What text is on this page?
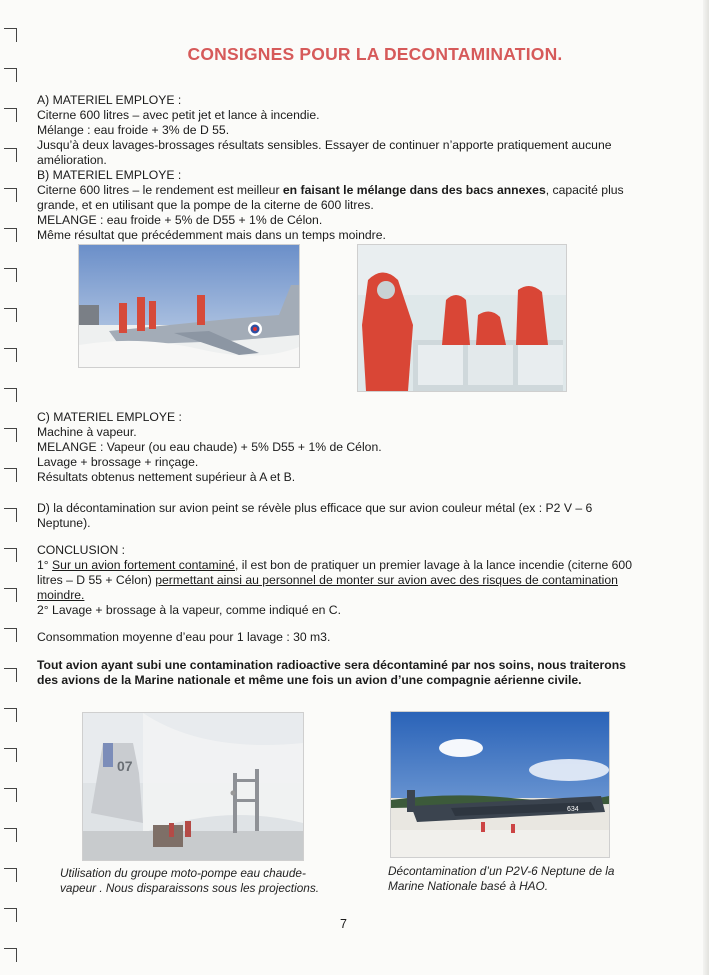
CONSIGNES POUR LA DECONTAMINATION.

A) MATERIEL EMPLOYE :

Citerne 600 litres – avec petit jet et lance à incendie.

Mélange : eau froide + 3% de D 55.

Jusqu’à deux lavages-brossages résultats sensibles. Essayer de continuer n’apporte pratiquement aucune amélioration.

B) MATERIEL EMPLOYE :

Citerne 600 litres – le rendement est meilleur en faisant le mélange dans des bacs annexes, capacité plus grande, et en utilisant que la pompe de la citerne de 600 litres.

MELANGE : eau froide + 5% de D55 + 1% de Célon.

Même résultat que précédemment mais dans un temps moindre.

C) MATERIEL EMPLOYE :

Machine à vapeur.

MELANGE : Vapeur (ou eau chaude) + 5% D55 + 1% de Célon.

Lavage + brossage + rinçage.

Résultats obtenus nettement supérieur à A et B.

D) la décontamination sur avion peint se révèle plus efficace que sur avion couleur métal (ex : P2 V – 6 Neptune).

CONCLUSION :

1° Sur un avion fortement contaminé, il est bon de pratiquer un premier lavage à la lance incendie (citerne 600 litres – D 55 + Célon) permettant ainsi au personnel de monter sur avion avec des risques de contamination moindre.

2° Lavage + brossage à la vapeur, comme indiqué en C.

Consommation moyenne d’eau pour 1 lavage : 30 m3.

Tout avion ayant subi une contamination radioactive sera décontaminé par nos soins, nous traiterons des avions de la Marine nationale et même une fois un avion d’une compagnie aérienne civile.

07
Utilisation du groupe moto-pompe eau chaude-vapeur . Nous disparaissons sous les projections.
634
Décontamination d’un P2V-6 Neptune de la Marine Nationale basé à HAO.
7
